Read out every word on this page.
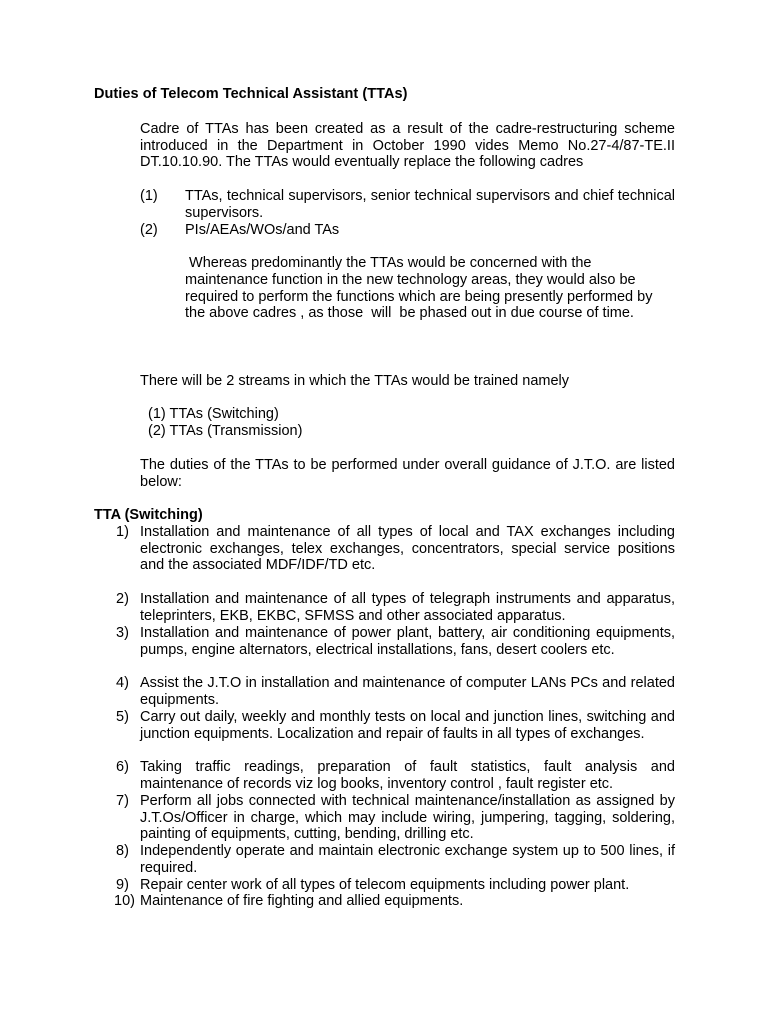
Duties of Telecom Technical Assistant (TTAs)
Cadre of TTAs has been created as a result of the cadre-restructuring scheme introduced in the Department in October 1990 vides Memo No.27-4/87-TE.II DT.10.10.90. The TTAs would eventually replace the following cadres
(1) TTAs, technical supervisors, senior technical supervisors and chief technical supervisors.
(2) PIs/AEAs/WOs/and TAs
Whereas predominantly the TTAs would be concerned with the maintenance function in the new technology areas, they would also be required to perform the functions which are being presently performed by the above cadres , as those  will  be phased out in due course of time.
There will be 2 streams in which the TTAs would be trained namely
(1) TTAs (Switching)
(2) TTAs (Transmission)
The duties of the TTAs to be performed under overall guidance of J.T.O. are listed below:
TTA (Switching)
1) Installation and maintenance of all types of local and TAX exchanges including electronic exchanges, telex exchanges, concentrators, special service positions and the associated MDF/IDF/TD etc.
2) Installation and maintenance of all types of telegraph instruments and apparatus, teleprinters, EKB, EKBC, SFMSS and other associated apparatus.
3) Installation and maintenance of power plant, battery, air conditioning equipments, pumps, engine alternators, electrical installations, fans, desert coolers etc.
4) Assist the J.T.O in installation and maintenance of computer LANs PCs and related equipments.
5) Carry out daily, weekly and monthly tests on local and junction lines, switching and junction equipments. Localization and repair of faults in all types of exchanges.
6) Taking traffic readings, preparation of fault statistics, fault analysis and maintenance of records viz log books, inventory control , fault register etc.
7) Perform all jobs connected with technical maintenance/installation as assigned by J.T.Os/Officer in charge, which may include wiring, jumpering, tagging, soldering, painting of equipments, cutting, bending, drilling etc.
8) Independently operate and maintain electronic exchange system up to 500 lines, if required.
9) Repair center work of all types of telecom equipments including power plant.
10) Maintenance of fire fighting and allied equipments.
